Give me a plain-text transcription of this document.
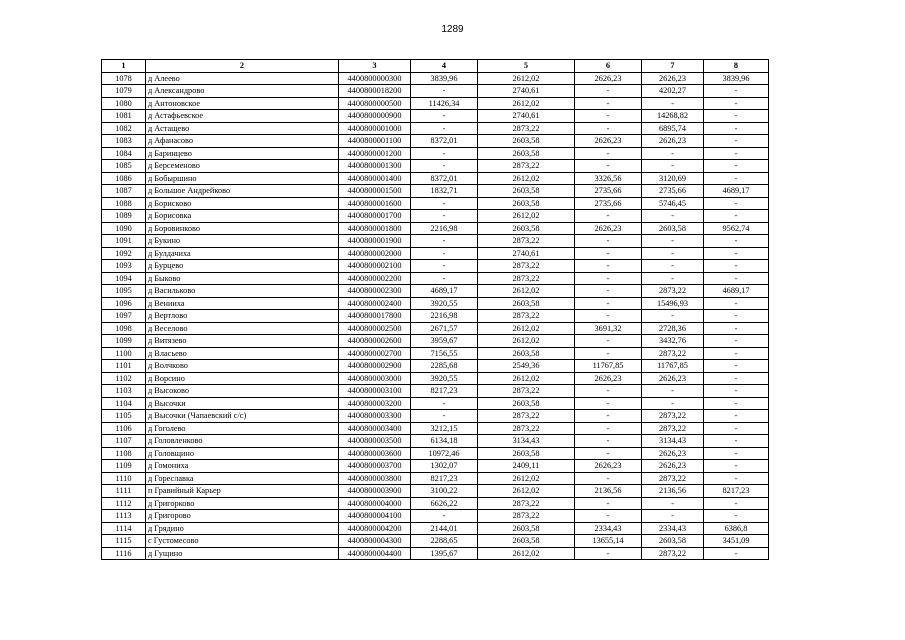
1289
1	2	3	4	5	6	7	8
1078	д Алеево	4400800000300	3839,96	2612,02	2626,23	2626,23	3839,96
1079	д Александрово	4400800018200	-	2740,61	-	4202,27	-
1080	д Антоновское	4400800000500	11426,34	2612,02	-	-	-
1081	д Астафьевское	4400800000900	-	2740,61	-	14268,82	-
1082	д Астащево	4400800001000	-	2873,22	-	6895,74	-
1083	д Афанасово	4400800001100	8372,01	2603,58	2626,23	2626,23	-
1084	д Баринцево	4400800001200	-	2603,58	-	-	-
1085	д Берсеменово	4400800001300	-	2873,22	-	-	-
1086	д Бобыршино	4400800001400	8372,01	2612,02	3326,56	3120,69	-
1087	д Большое Андрейково	4400800001500	1832,71	2603,58	2735,66	2735,66	4689,17
1088	д Борисково	4400800001600	-	2603,58	2735,66	5746,45	-
1089	д Борисовка	4400800001700	-	2612,02	-	-	-
1090	д Боровинково	4400800001800	2216,98	2603,58	2626,23	2603,58	9562,74
1091	д Букино	4400800001900	-	2873,22	-	-	-
1092	д Булдачиха	4400800002000	-	2740,61	-	-	-
1093	д Бурцево	4400800002100	-	2873,22	-	-	-
1094	д Быково	4400800002200	-	2873,22	-	-	-
1095	д Васильково	4400800002300	4689,17	2612,02	-	2873,22	4689,17
1096	д Венииха	4400800002400	3920,55	2603,58	-	15496,93	-
1097	д Вертлово	4400800017800	2216,98	2873,22	-	-	-
1098	д Веселово	4400800002500	2671,57	2612,02	3691,32	2728,36	-
1099	д Витязево	4400800002600	3959,67	2612,02	-	3432,76	-
1100	д Власьево	4400800002700	7156,55	2603,58	-	2873,22	-
1101	д Волчково	4400800002900	2285,68	2549,36	11767,85	11767,85	-
1102	д Ворсино	4400800003000	3920,55	2612,02	2626,23	2626,23	-
1103	д Высоково	4400800003100	8217,23	2873,22	-	-	-
1104	д Высочки	4400800003200	-	2603,58	-	-	-
1105	д Высочки (Чапаевский с/с)	4400800003300	-	2873,22	-	2873,22	-
1106	д Гоголево	4400800003400	3212,15	2873,22	-	2873,22	-
1107	д Головленково	4400800003500	6134,18	3134,43	-	3134,43	-
1108	д Головщино	4400800003600	10972,46	2603,58	-	2626,23	-
1109	д Гомониха	4400800003700	1302,07	2409,11	2626,23	2626,23	-
1110	д Гореславка	4400800003800	8217,23	2612,02	-	2873,22	-
1111	п Гравийный Карьер	4400800003900	3100,22	2612,02	2136,56	2136,56	8217,23
1112	д Григорково	4400800004000	6626,22	2873,22	-	-	-
1113	д Григорово	4400800004100	-	2873,22	-	-	-
1114	д Грядино	4400800004200	2144,01	2603,58	2334,43	2334,43	6386,8
1115	с Густомесово	4400800004300	2288,65	2603,58	13655,14	2603,58	3451,09
1116	д Гущино	4400800004400	1395,67	2612,02	-	2873,22	-
